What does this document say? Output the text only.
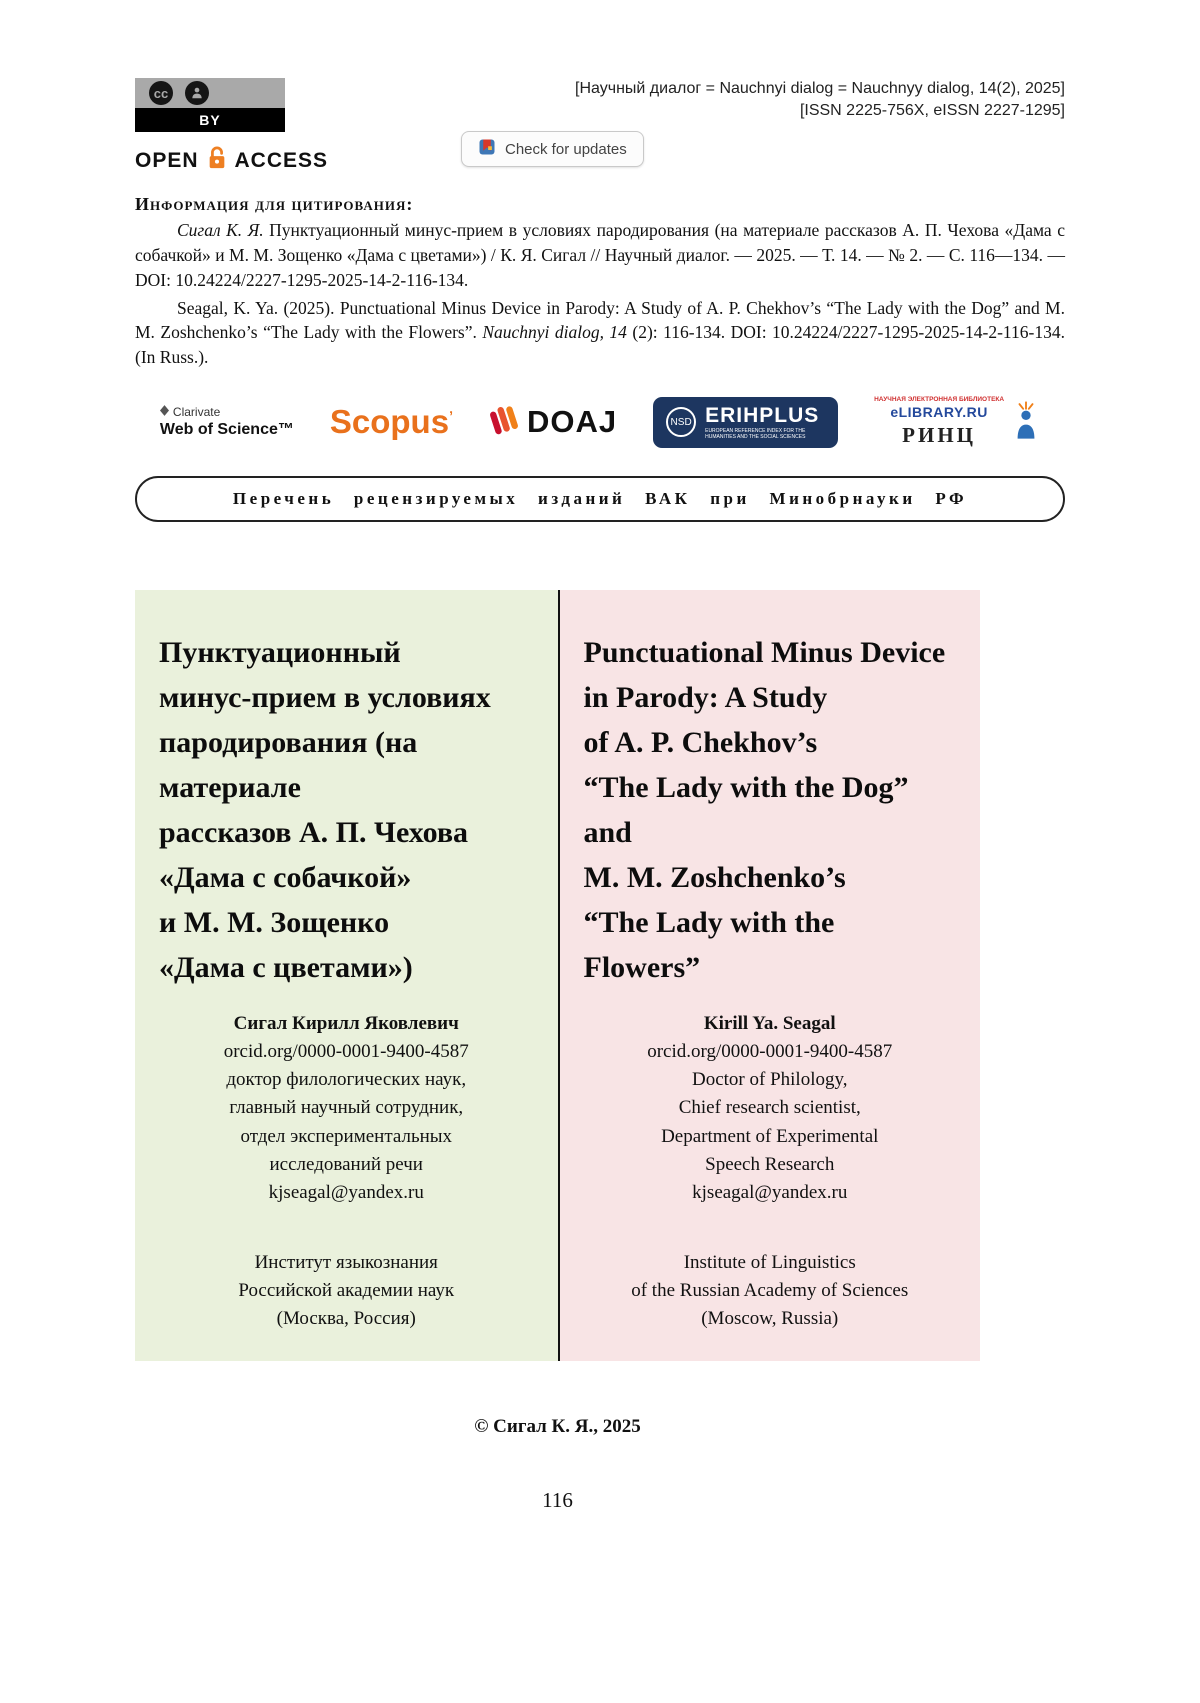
cc
BY
OPEN ACCESS
[Научный диалог = Nauchnyi dialog = Nauchnyy dialog, 14(2), 2025]
[ISSN 2225-756X, eISSN 2227-1295]
Check for updates
Информация для цитирования:

Сигал К. Я. Пунктуационный минус-прием в условиях пародирования (на материале рассказов А. П. Чехова «Дама с собачкой» и М. М. Зощенко «Дама с цветами») / К. Я. Сигал // Научный диалог. — 2025. — Т. 14. — № 2. — С. 116—134. — DOI: 10.24224/2227-1295-2025-14-2-116-134.

Seagal, K. Ya. (2025). Punctuational Minus Device in Parody: A Study of A. P. Chekhov’s “The Lady with the Dog” and M. M. Zoshchenko’s “The Lady with the Flowers”. Nauchnyi dialog, 14 (2): 116-134. DOI: 10.24224/2227-1295-2025-14-2-116-134. (In Russ.).

Clarivate
Web of Science™ Scopus$^ʼ$ DOAJ	NSD ERIHPLUS
EUROPEAN REFERENCE INDEX FOR THE HUMANITIES AND THE SOCIAL SCIENCES
НАУЧНАЯ ЭЛЕКТРОННАЯ БИБЛИОТЕКА
eLIBRARY.RU
РИНЦ
Перечень рецензируемых изданий ВАК при Минобрнауки РФ
Пунктуационный
минус-прием в условиях
пародирования (на
материале
рассказов А. П. Чехова
«Дама с собачкой»
и М. М. Зощенко
«Дама с цветами»)
Сигал Кирилл Яковлевич
orcid.org/0000-0001-9400-4587
доктор филологических наук,
главный научный сотрудник,
отдел экспериментальных
исследований речи
kjseagal@yandex.ru
Институт языкознания
Российской академии наук
(Москва, Россия)
Punctuational Minus Device
in Parody: A Study
of A. P. Chekhov’s
“The Lady with the Dog” and
M. M. Zoshchenko’s
“The Lady with the Flowers”
Kirill Ya. Seagal
orcid.org/0000-0001-9400-4587
Doctor of Philology,
Chief research scientist,
Department of Experimental
Speech Research
kjseagal@yandex.ru
Institute of Linguistics
of the Russian Academy of Sciences
(Moscow, Russia)
© Сигал К. Я., 2025
116
